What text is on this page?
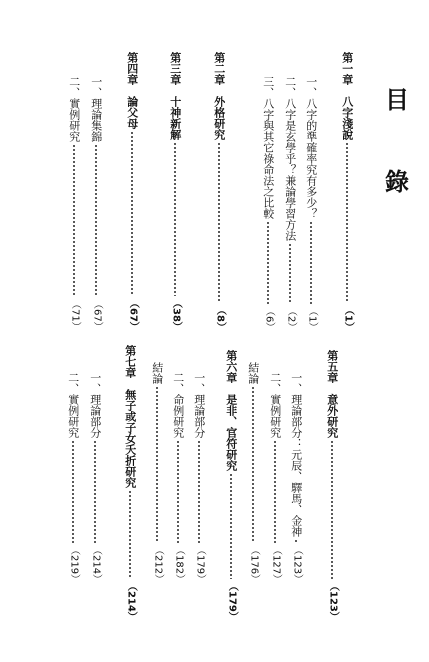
目
錄
第一章　八字淺說
（1）
一、八字的準確率究有多少？
（1）
二、八字是玄學乎？兼論學習方法
（2）
三、八字與其它祿命法之比較
（6）
第二章　外格研究
（8）
第三章　十神新解
（38）
第四章　論父母
（67）
一、理論集錦
（67）
二、實例研究
（71）
第五章　意外研究
（123）
一、理論部分：元辰、驛馬、金神
（123）
二、實例研究
（127）
結論
（176）
第六章　是非、官符研究
（179）
一、理論部分
（179）
二、命例研究
（182）
結論
（212）
第七章　無子或子女夭折研究
（214）
一、理論部分
（214）
二、實例研究
（219）
